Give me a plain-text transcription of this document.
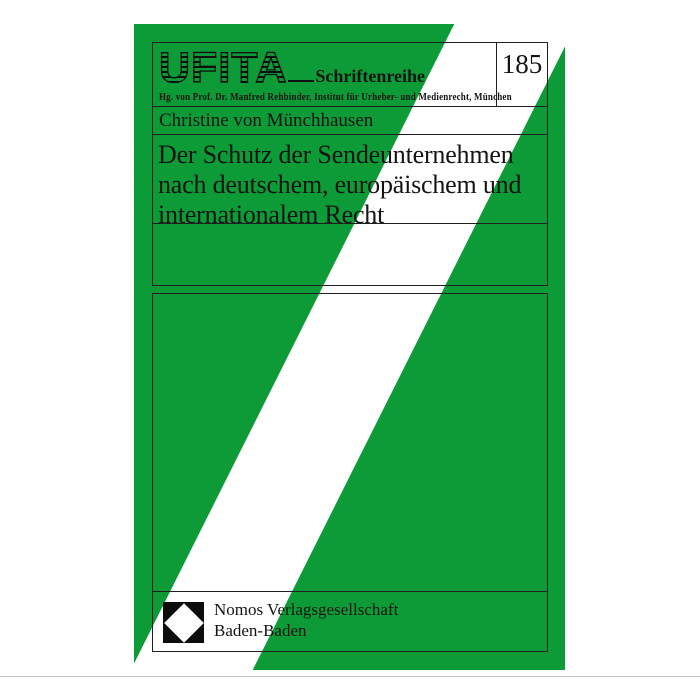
UFITA Schriftenreihe
Hg. von Prof. Dr. Manfred Rehbinder, Institut für Urheber- und Medienrecht, München
185
Christine von Münchhausen
Der Schutz der Sendeunternehmen
nach deutschem, europäischem und
internationalem Recht
Nomos Verlagsgesellschaft
Baden-Baden
